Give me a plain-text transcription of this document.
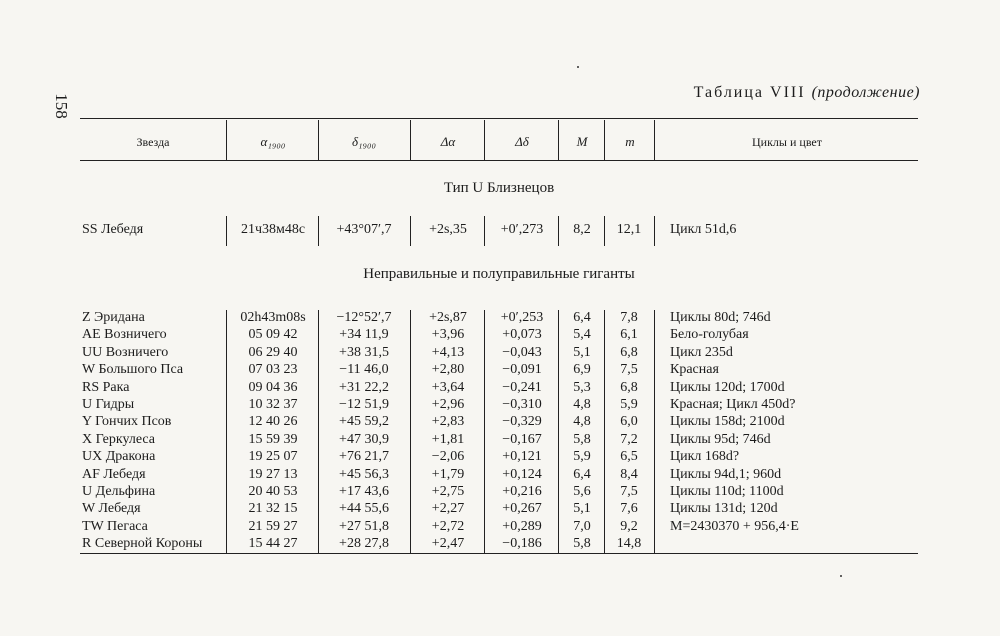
158
Таблица VIII (продолжение)
Звезда	α₁₉₀₀	δ₁₉₀₀	Δα	Δδ	M	m	Циклы и цвет
Тип U Близнецов
SS Лебедя	21ч38м48с	+43°07′,7	+2s,35	+0′,273	8,2	12,1	Цикл 51d,6
Неправильные и полуправильные гиганты
Z Эридана	02h43m08s	−12°52′,7	+2s,87	+0′,253	6,4	7,8	Циклы 80d; 746d
AE Возничего	05 09 42	+34 11,9	+3,96	+0,073	5,4	6,1	Бело-голубая
UU Возничего	06 29 40	+38 31,5	+4,13	−0,043	5,1	6,8	Цикл 235d
W Большого Пса	07 03 23	−11 46,0	+2,80	−0,091	6,9	7,5	Красная
RS Рака	09 04 36	+31 22,2	+3,64	−0,241	5,3	6,8	Циклы 120d; 1700d
U Гидры	10 32 37	−12 51,9	+2,96	−0,310	4,8	5,9	Красная; Цикл 450d?
Y Гончих Псов	12 40 26	+45 59,2	+2,83	−0,329	4,8	6,0	Циклы 158d; 2100d
X Геркулеса	15 59 39	+47 30,9	+1,81	−0,167	5,8	7,2	Циклы 95d; 746d
UX Дракона	19 25 07	+76 21,7	−2,06	+0,121	5,9	6,5	Цикл 168d?
AF Лебедя	19 27 13	+45 56,3	+1,79	+0,124	6,4	8,4	Циклы 94d,1; 960d
U Дельфина	20 40 53	+17 43,6	+2,75	+0,216	5,6	7,5	Циклы 110d; 1100d
W Лебедя	21 32 15	+44 55,6	+2,27	+0,267	5,1	7,6	Циклы 131d; 120d
TW Пегаса	21 59 27	+27 51,8	+2,72	+0,289	7,0	9,2	M=2430370 + 956,4·E
R Северной Короны	15 44 27	+28 27,8	+2,47	−0,186	5,8	14,8
